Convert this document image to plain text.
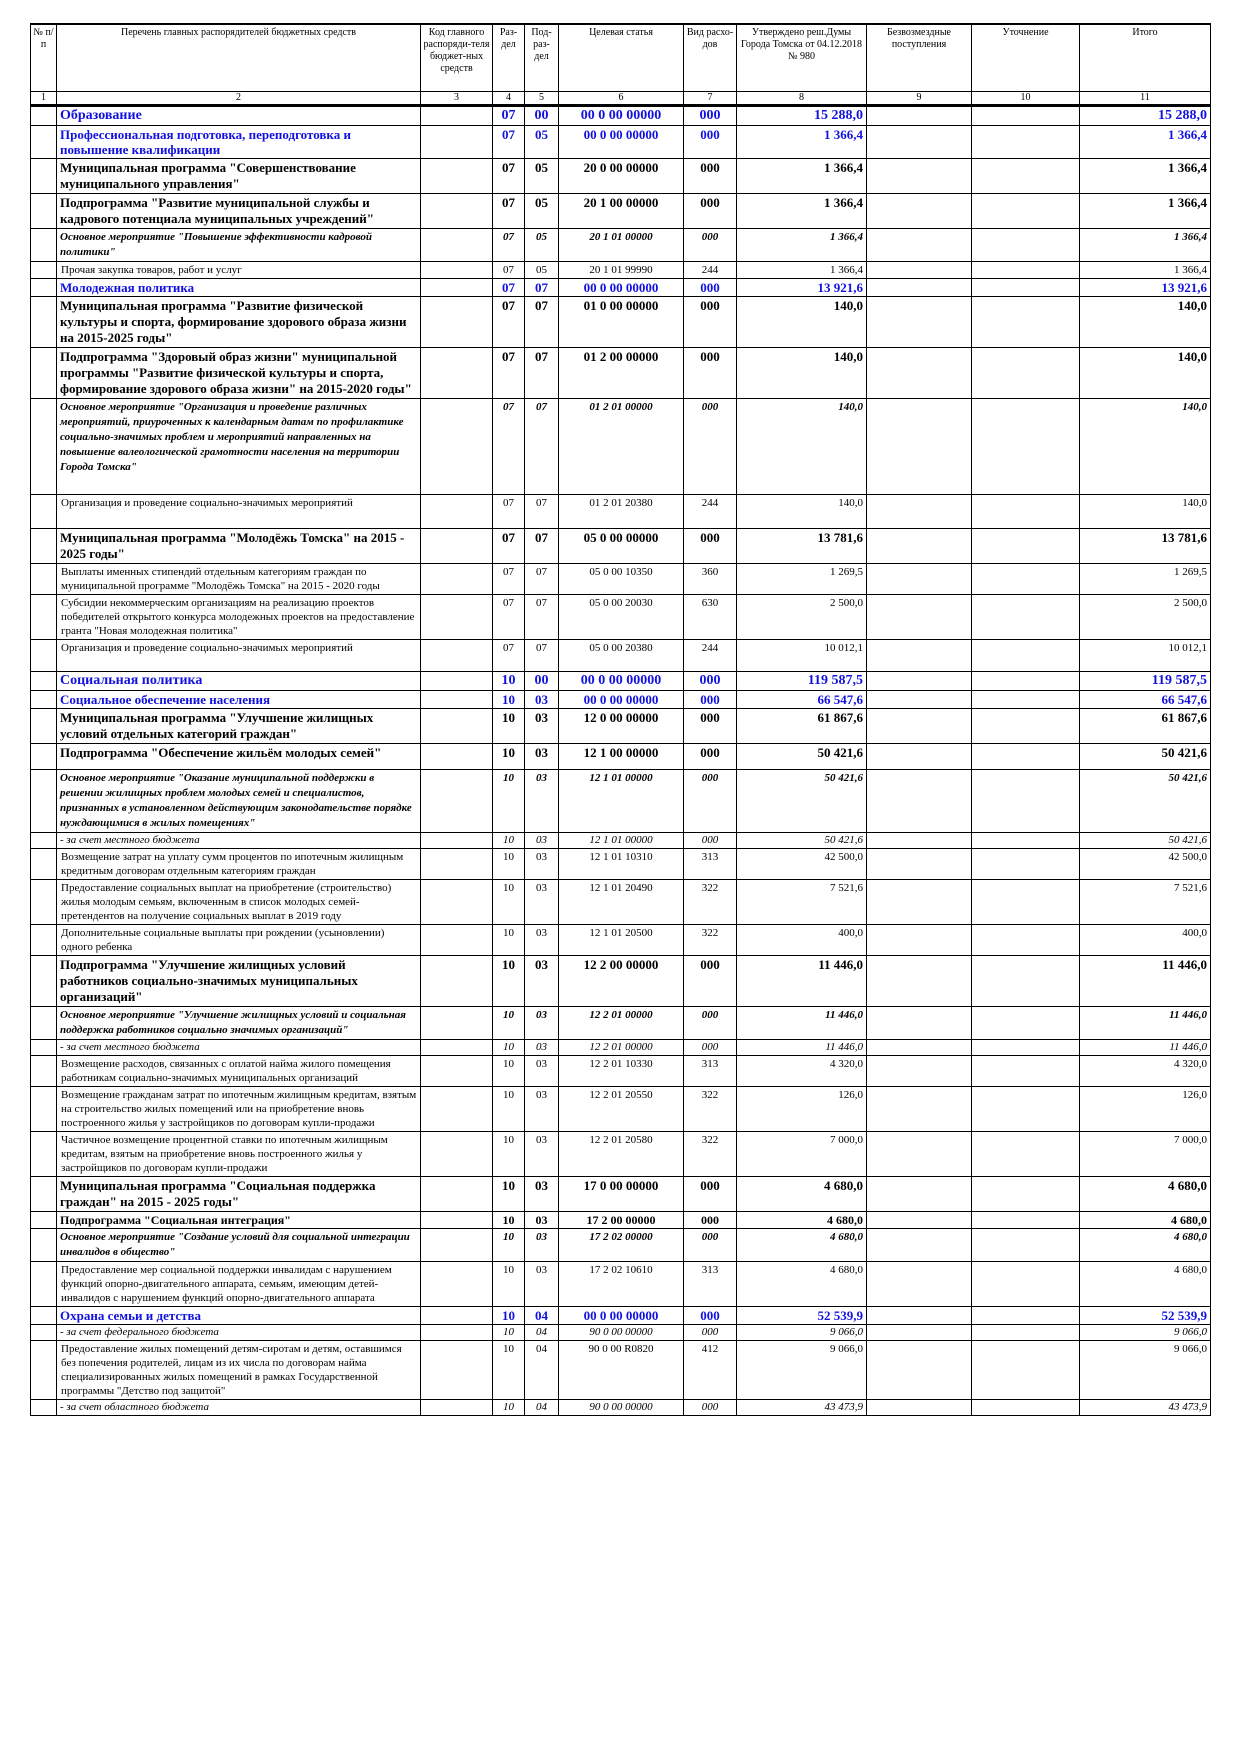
№ п/п	Перечень главных распорядителей бюджетных средств	Код главного распоряди-теля бюджет-ных средств	Раз-дел	Под-раз-дел	Целевая статья	Вид расхо-дов	Утверждено реш.Думы Города Томска от 04.12.2018 № 980	Безвозмездные поступления	Уточнение	Итого
1	2	3	4	5	6	7	8	9	10	11
	Образование		07	00	00 0 00 00000	000	15 288,0			15 288,0
	Профессиональная подготовка, переподготовка и повышение квалификации		07	05	00 0 00 00000	000	1 366,4			1 366,4
	Муниципальная программа "Совершенствование муниципального управления"		07	05	20 0 00 00000	000	1 366,4			1 366,4
	Подпрограмма "Развитие муниципальной службы и кадрового потенциала муниципальных учреждений"		07	05	20 1 00 00000	000	1 366,4			1 366,4
	Основное мероприятие "Повышение эффективности кадровой политики"		07	05	20 1 01 00000	000	1 366,4			1 366,4
	Прочая закупка товаров, работ и услуг		07	05	20 1 01 99990	244	1 366,4			1 366,4
	Молодежная политика		07	07	00 0 00 00000	000	13 921,6			13 921,6
	Муниципальная программа "Развитие физической культуры и спорта, формирование здорового образа жизни на 2015-2025 годы"		07	07	01 0 00 00000	000	140,0			140,0
	Подпрограмма "Здоровый образ жизни" муниципальной программы "Развитие физической культуры и спорта, формирование здорового образа жизни" на 2015-2020 годы"		07	07	01 2 00 00000	000	140,0			140,0
	Основное мероприятие "Организация и проведение различных мероприятий, приуроченных к календарным датам по профилактике социально-значимых проблем и мероприятий направленных на повышение валеологической грамотности населения на территории Города Томска"		07	07	01 2 01 00000	000	140,0			140,0
	Организация и проведение социально-значимых мероприятий		07	07	01 2 01 20380	244	140,0			140,0
	Муниципальная программа "Молодёжь Томска" на 2015 - 2025 годы"		07	07	05 0 00 00000	000	13 781,6			13 781,6
	Выплаты именных стипендий отдельным категориям граждан по муниципальной программе "Молодёжь Томска" на 2015 - 2020 годы		07	07	05 0 00 10350	360	1 269,5			1 269,5
	Субсидии некоммерческим организациям на реализацию проектов победителей открытого конкурса молодежных проектов на предоставление гранта "Новая молодежная политика"		07	07	05 0 00 20030	630	2 500,0			2 500,0
	Организация и проведение социально-значимых мероприятий		07	07	05 0 00 20380	244	10 012,1			10 012,1
	Социальная политика		10	00	00 0 00 00000	000	119 587,5			119 587,5
	Социальное обеспечение населения		10	03	00 0 00 00000	000	66 547,6			66 547,6
	Муниципальная программа "Улучшение жилищных условий отдельных категорий граждан"		10	03	12 0 00 00000	000	61 867,6			61 867,6
	Подпрограмма "Обеспечение жильём молодых семей"		10	03	12 1 00 00000	000	50 421,6			50 421,6
	Основное мероприятие "Оказание муниципальной поддержки в решении жилищных проблем молодых семей и специалистов, признанных в установленном действующим законодательстве порядке нуждающимися в жилых помещениях"		10	03	12 1 01 00000	000	50 421,6			50 421,6
	- за счет местного бюджета		10	03	12 1 01 00000	000	50 421,6			50 421,6
	Возмещение затрат на уплату сумм процентов по ипотечным жилищным кредитным договорам отдельным категориям граждан		10	03	12 1 01 10310	313	42 500,0			42 500,0
	Предоставление социальных выплат на приобретение (строительство) жилья молодым семьям, включенным в список молодых семей-претендентов на получение социальных выплат в 2019 году		10	03	12 1 01 20490	322	7 521,6			7 521,6
	Дополнительные социальные выплаты при рождении (усыновлении) одного ребенка		10	03	12 1 01 20500	322	400,0			400,0
	Подпрограмма "Улучшение жилищных условий работников социально-значимых муниципальных организаций"		10	03	12 2 00 00000	000	11 446,0			11 446,0
	Основное мероприятие "Улучшение жилищных условий и социальная поддержка работников социально значимых организаций"		10	03	12 2 01 00000	000	11 446,0			11 446,0
	- за счет местного бюджета		10	03	12 2 01 00000	000	11 446,0			11 446,0
	Возмещение расходов, связанных с оплатой найма жилого помещения работникам социально-значимых муниципальных организаций		10	03	12 2 01 10330	313	4 320,0			4 320,0
	Возмещение гражданам затрат по ипотечным жилищным кредитам, взятым на строительство жилых помещений или на приобретение вновь построенного жилья у застройщиков по договорам купли-продажи		10	03	12 2 01 20550	322	126,0			126,0
	Частичное возмещение процентной ставки по ипотечным жилищным кредитам, взятым на приобретение вновь построенного жилья у застройщиков по договорам купли-продажи		10	03	12 2 01 20580	322	7 000,0			7 000,0
	Муниципальная программа "Социальная поддержка граждан" на 2015 - 2025 годы"		10	03	17 0 00 00000	000	4 680,0			4 680,0
	Подпрограмма "Социальная интеграция"		10	03	17 2 00 00000	000	4 680,0			4 680,0
	Основное мероприятие "Создание условий для социальной интеграции инвалидов в общество"		10	03	17 2 02 00000	000	4 680,0			4 680,0
	Предоставление мер социальной поддержки инвалидам с нарушением функций опорно-двигательного аппарата, семьям, имеющим детей-инвалидов с нарушением функций опорно-двигательного аппарата		10	03	17 2 02 10610	313	4 680,0			4 680,0
	Охрана семьи и детства		10	04	00 0 00 00000	000	52 539,9			52 539,9
	- за счет федерального бюджета		10	04	90 0 00 00000	000	9 066,0			9 066,0
	Предоставление жилых помещений детям-сиротам и детям, оставшимся без попечения родителей, лицам из их числа по договорам найма специализированных жилых помещений в рамках Государственной программы "Детство под защитой"		10	04	90 0 00 R0820	412	9 066,0			9 066,0
	- за счет областного бюджета		10	04	90 0 00 00000	000	43 473,9			43 473,9
